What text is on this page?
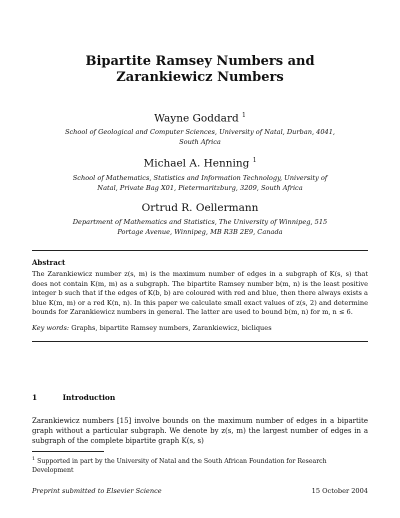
Bipartite Ramsey Numbers and Zarankiewicz Numbers
Wayne Goddard $^1$
School of Geological and Computer Sciences, University of Natal, Durban, 4041, South Africa
Michael A. Henning $^1$
School of Mathematics, Statistics and Information Technology, University of Natal, Private Bag X01, Pietermaritzburg, 3209, South Africa
Ortrud R. Oellermann
Department of Mathematics and Statistics, The University of Winnipeg, 515 Portage Avenue, Winnipeg, MB R3B 2E9, Canada
Abstract
The Zarankiewicz number z(s, m) is the maximum number of edges in a subgraph of K(s, s) that does not contain K(m, m) as a subgraph. The bipartite Ramsey number b(m, n) is the least positive integer b such that if the edges of K(b, b) are coloured with red and blue, then there always exists a blue K(m, m) or a red K(n, n). In this paper we calculate small exact values of z(s, 2) and determine bounds for Zarankiewicz numbers in general. The latter are used to bound b(m, n) for m, n ≤ 6.
Key words: Graphs, bipartite Ramsey numbers, Zarankiewicz, bicliques
1	Introduction
Zarankiewicz numbers [15] involve bounds on the maximum number of edges in a bipartite graph without a particular subgraph. We denote by z(s, m) the largest number of edges in a subgraph of the complete bipartite graph K(s, s)
$^1$ Supported in part by the University of Natal and the South African Foundation for Research Development
Preprint submitted to Elsevier Science	15 October 2004
